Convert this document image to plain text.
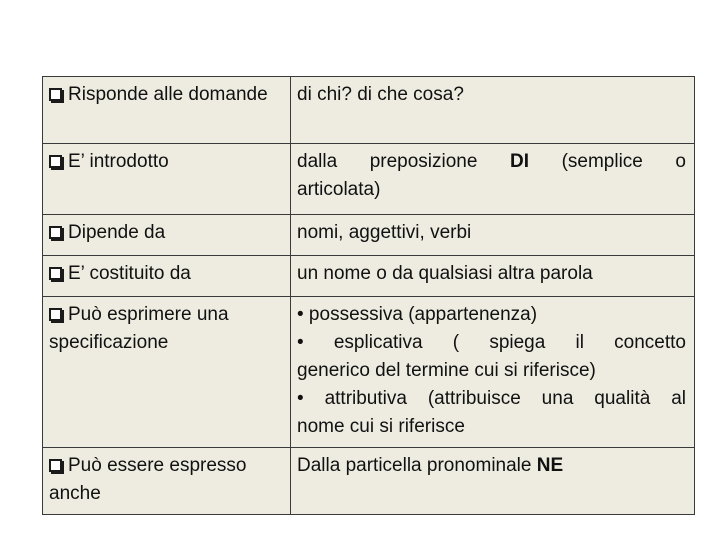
Risponde alle domande	di chi? di che cosa?
E’ introdotto	dalla preposizione DI (semplice o
articolata)

Dipende da	nomi, aggettivi, verbi
E’ costituito da	un nome o da qualsiasi altra parola
Può esprimere una specificazione	• possessiva (appartenenza)
• esplicativa ( spiega il concetto
generico del termine cui si riferisce)
• attributiva (attribuisce una qualità al
nome cui si riferisce

Può essere espresso anche	Dalla particella pronominale NE
